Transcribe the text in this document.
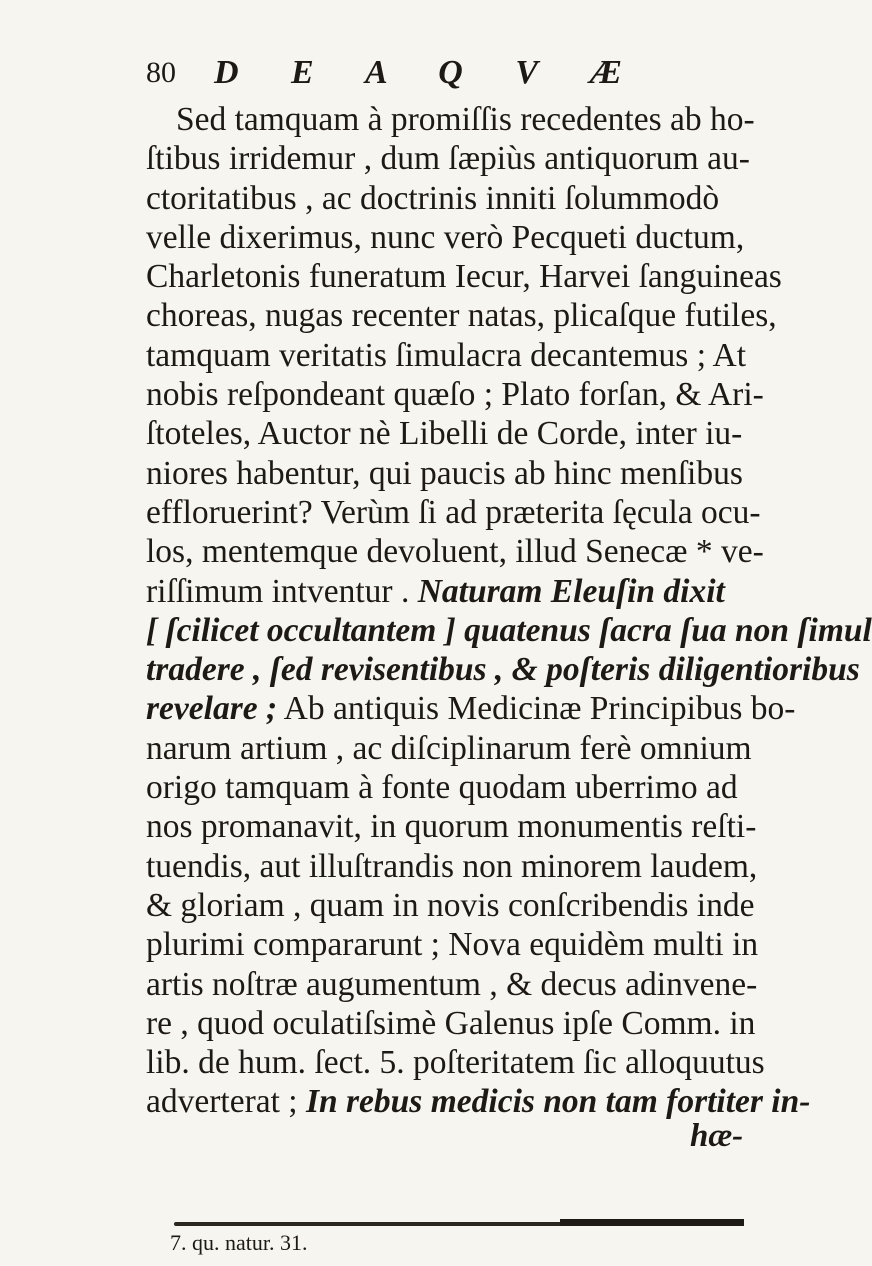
80 D E A Q V Æ
Sed tamquam à promiſſis recedentes ab ho-
ſtibus irridemur , dum ſæpiùs antiquorum au-
ctoritatibus , ac doctrinis inniti ſolummodò
velle dixerimus, nunc verò Pecqueti ductum,
Charletonis funeratum Iecur, Harvei ſanguineas
choreas, nugas recenter natas, plicaſque futiles,
tamquam veritatis ſimulacra decantemus ; At
nobis reſpondeant quæſo ; Plato forſan, & Ari-
ſtoteles, Auctor nè Libelli de Corde, inter iu-
niores habentur, qui paucis ab hinc menſibus
effloruerint? Verùm ſi ad præterita ſęcula ocu-
los, mentemque devoluent, illud Senecæ * ve-
riſſimum intventur . Naturam Eleuſin dixit
[ ſcilicet occultantem ] quatenus ſacra ſua non ſimul
tradere , ſed revisentibus , & poſteris diligentioribus
revelare ; Ab antiquis Medicinæ Principibus bo-
narum artium , ac diſciplinarum ferè omnium
origo tamquam à fonte quodam uberrimo ad
nos promanavit, in quorum monumentis reſti-
tuendis, aut illuſtrandis non minorem laudem,
& gloriam , quam in novis conſcribendis inde
plurimi compararunt ; Nova equidèm multi in
artis noſtræ augumentum , & decus adinvene-
re , quod oculatiſsimè Galenus ipſe Comm. in
lib. de hum. ſect. 5. poſteritatem ſic alloquutus
adverterat ; In rebus medicis non tam fortiter in-
hæ-
7. qu. natur. 31.
